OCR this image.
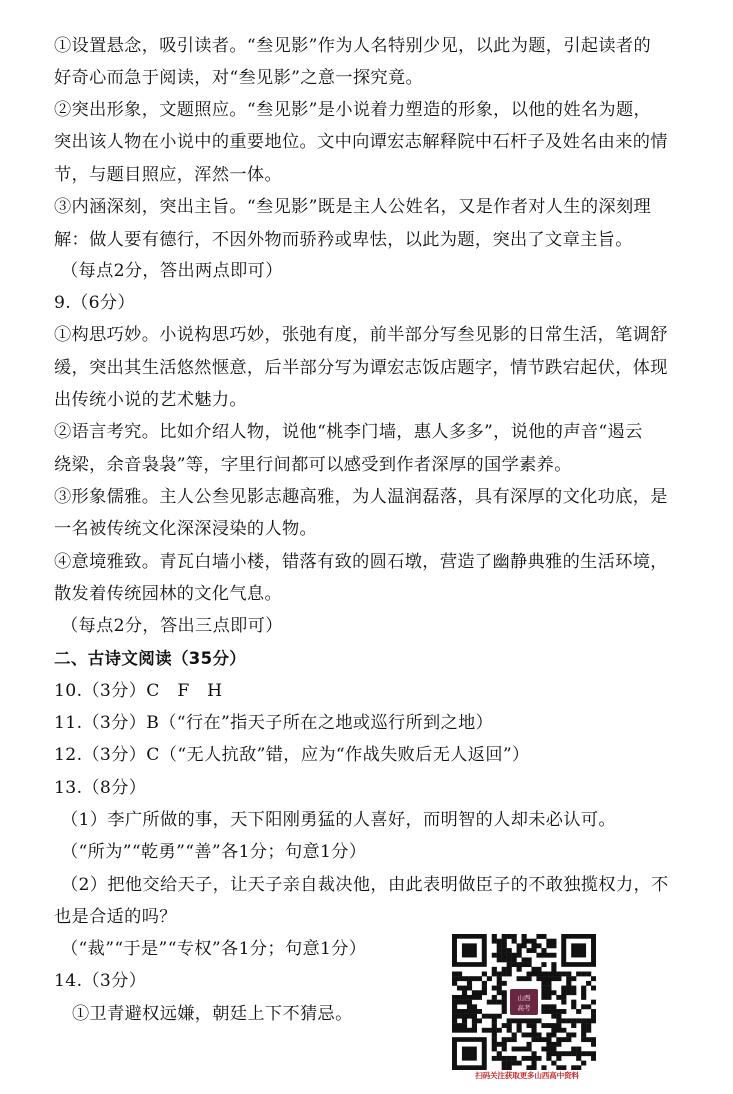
①设置悬念，吸引读者。“叁见影”作为人名特别少见，以此为题，引起读者的
好奇心而急于阅读，对“叁见影”之意一探究竟。
②突出形象，文题照应。“叁见影”是小说着力塑造的形象，以他的姓名为题，
突出该人物在小说中的重要地位。文中向谭宏志解释院中石杆子及姓名由来的情
节，与题目照应，浑然一体。
③内涵深刻，突出主旨。“叁见影”既是主人公姓名，又是作者对人生的深刻理
解：做人要有德行，不因外物而骄矜或卑怯，以此为题，突出了文章主旨。
（每点2分，答出两点即可）
9.（6分）
①构思巧妙。小说构思巧妙，张弛有度，前半部分写叁见影的日常生活，笔调舒
缓，突出其生活悠然惬意，后半部分写为谭宏志饭店题字，情节跌宕起伏，体现
出传统小说的艺术魅力。
②语言考究。比如介绍人物，说他“桃李门墙，惠人多多”，说他的声音“遏云
绕梁，余音袅袅”等，字里行间都可以感受到作者深厚的国学素养。
③形象儒雅。主人公叁见影志趣高雅，为人温润磊落，具有深厚的文化功底，是
一名被传统文化深深浸染的人物。
④意境雅致。青瓦白墙小楼，错落有致的圆石墩，营造了幽静典雅的生活环境，
散发着传统园林的文化气息。
（每点2分，答出三点即可）
二、古诗文阅读（35分）
10.（3分）C　F　H
11.（3分）B（“行在”指天子所在之地或巡行所到之地）
12.（3分）C（“无人抗敌”错，应为“作战失败后无人返回”）
13.（8分）
（1）李广所做的事，天下阳刚勇猛的人喜好，而明智的人却未必认可。
（“所为”“乾勇”“善”各1分；句意1分）
（2）把他交给天子，让天子亲自裁决他，由此表明做臣子的不敢独揽权力，不
也是合适的吗？
（“裁”“于是”“专权”各1分；句意1分）
14.（3分）
①卫青避权远嫌，朝廷上下不猜忌。
山西
高考
扫码关注获取更多山西高中资料
